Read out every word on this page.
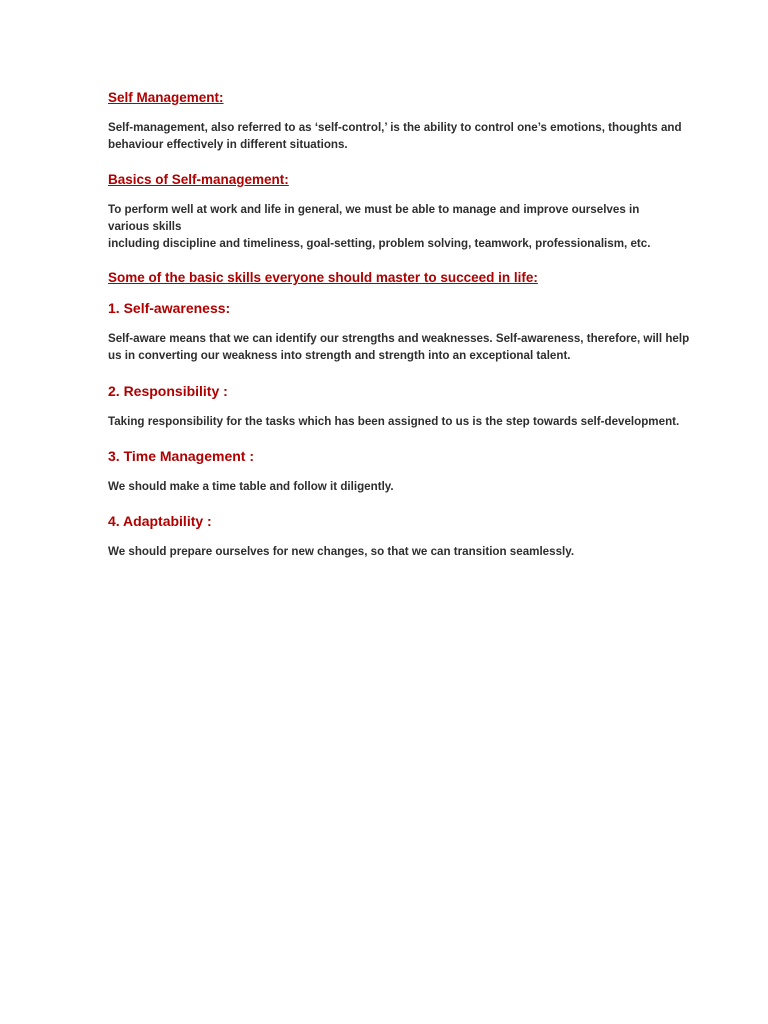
Self Management:

Self-management, also referred to as ‘self-control,’ is the ability to control one’s emotions, thoughts and
behaviour effectively in different situations.

Basics of Self-management:

To perform well at work and life in general, we must be able to manage and improve ourselves in
various skills
including discipline and timeliness, goal-setting, problem solving, teamwork, professionalism, etc.

Some of the basic skills everyone should master to succeed in life:
1. Self-awareness:

Self-aware means that we can identify our strengths and weaknesses. Self-awareness, therefore, will help
us in converting our weakness into strength and strength into an exceptional talent.

2. Responsibility :

Taking responsibility for the tasks which has been assigned to us is the step towards self-development.

3. Time Management :

We should make a time table and follow it diligently.

4. Adaptability :

We should prepare ourselves for new changes, so that we can transition seamlessly.
